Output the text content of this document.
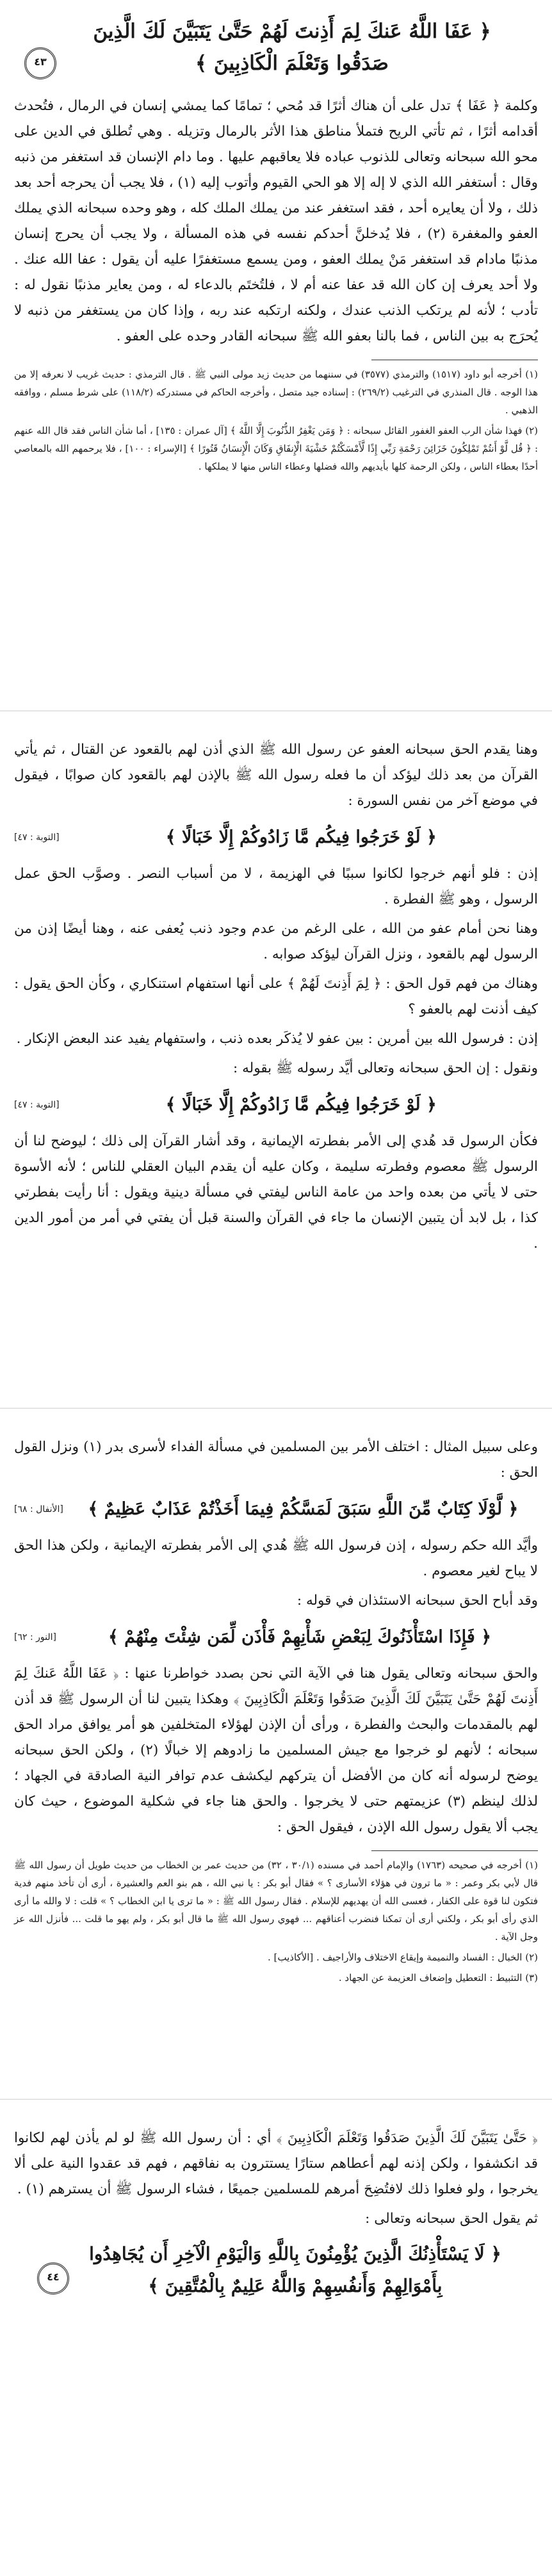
﴿ عَفَا اللَّهُ عَنكَ لِمَ أَذِنتَ لَهُمْ حَتَّىٰ يَتَبَيَّنَ لَكَ الَّذِينَ صَدَقُوا وَتَعْلَمَ الْكَاذِبِينَ ﴾
٤٣

وكلمة ﴿ عَفَا ﴾ تدل على أن هناك أثرًا قد مُحي ؛ تمامًا كما يمشي إنسان في الرمال ، فتُحدث أقدامه أثرًا ، ثم تأتي الريح فتملأ مناطق هذا الأثر بالرمال وتزيله . وهي تُطلق في الدين على محو الله سبحانه وتعالى للذنوب عباده فلا يعاقبهم عليها . وما دام الإنسان قد استغفر من ذنبه وقال : أستغفر الله الذي لا إله إلا هو الحي القيوم وأتوب إليه (١) ، فلا يجب أن يحرجه أحد بعد ذلك ، ولا أن يعايره أحد ، فقد استغفر عند من يملك الملك كله ، وهو وحده سبحانه الذي يملك العفو والمغفرة (٢) ، فلا يُدخلنَّ أحدكم نفسه في هذه المسألة ، ولا يجب أن يحرج إنسان مذنبًا مادام قد استغفر مَنْ يملك العفو ، ومن يسمع مستغفرًا عليه أن يقول : عفا الله عنك . ولا أحد يعرف إن كان الله قد عفا عنه أم لا ، فلتُختَم بالدعاء له ، ومن يعاير مذنبًا نقول له : تأدب ؛ لأنه لم يرتكب الذنب عندك ، ولكنه ارتكبه عند ربه ، وإذا كان من يستغفر من ذنبه لا يُحرَج به بين الناس ، فما بالنا بعفو الله ﷺ سبحانه القادر وحده على العفو .

(١) أخرجه أبو داود (١٥١٧) والترمذي (٣٥٧٧) في سننهما من حديث زيد مولى النبي ﷺ . قال الترمذي : حديث غريب لا نعرفه إلا من هذا الوجه . قال المنذري في الترغيب (٢٦٩/٢) : إسناده جيد متصل ، وأخرجه الحاكم في مستدركه (١١٨/٢) على شرط مسلم ، ووافقه الذهبي .

(٢) فهذا شأن الرب العفو الغفور القائل سبحانه : ﴿ وَمَن يَغْفِرُ الذُّنُوبَ إِلَّا اللَّهُ ﴾ [آل عمران : ١٣٥] ، أما شأن الناس فقد قال الله عنهم : ﴿ قُل لَّوْ أَنتُمْ تَمْلِكُونَ خَزَائِنَ رَحْمَةِ رَبِّي إِذًا لَّأَمْسَكْتُمْ خَشْيَةَ الْإِنفَاقِ وَكَانَ الْإِنسَانُ قَتُورًا ﴾ [الإسراء : ١٠٠] ، فلا يرحمهم الله بالمعاصي أحدًا بعطاء الناس ، ولكن الرحمة كلها بأيديهم والله فضلها وعطاء الناس منها لا يملكها .

وهنا يقدم الحق سبحانه العفو عن رسول الله ﷺ الذي أذن لهم بالقعود عن القتال ، ثم يأتي القرآن من بعد ذلك ليؤكد أن ما فعله رسول الله ﷺ بالإذن لهم بالقعود كان صوابًا ، فيقول في موضع آخر من نفس السورة :

﴿ لَوْ خَرَجُوا فِيكُم مَّا زَادُوكُمْ إِلَّا خَبَالًا ﴾
[التوبة : ٤٧]

إذن : فلو أنهم خرجوا لكانوا سببًا في الهزيمة ، لا من أسباب النصر . وصوَّب الحق عمل الرسول ، وهو ﷺ الفطرة .

وهنا نحن أمام عفو من الله ، على الرغم من عدم وجود ذنب يُعفى عنه ، وهنا أيضًا إذن من الرسول لهم بالقعود ، ونزل القرآن ليؤكد صوابه .

وهناك من فهم قول الحق : ﴿ لِمَ أَذِنتَ لَهُمْ ﴾ على أنها استفهام استنكاري ، وكأن الحق يقول : كيف أذنت لهم بالعفو ؟

إذن : فرسول الله بين أمرين : بين عفو لا يُذكَر بعده ذنب ، واستفهام يفيد عند البعض الإنكار .

ونقول : إن الحق سبحانه وتعالى أيَّد رسوله ﷺ بقوله :

﴿ لَوْ خَرَجُوا فِيكُم مَّا زَادُوكُمْ إِلَّا خَبَالًا ﴾
[التوبة : ٤٧]

فكأن الرسول قد هُدي إلى الأمر بفطرته الإيمانية ، وقد أشار القرآن إلى ذلك ؛ ليوضح لنا أن الرسول ﷺ معصوم وفطرته سليمة ، وكان عليه أن يقدم البيان العقلي للناس ؛ لأنه الأسوة حتى لا يأتي من بعده واحد من عامة الناس ليفتي في مسألة دينية ويقول : أنا رأيت بفطرتي كذا ، بل لابد أن يتبين الإنسان ما جاء في القرآن والسنة قبل أن يفتي في أمر من أمور الدين .

وعلى سبيل المثال : اختلف الأمر بين المسلمين في مسألة الفداء لأسرى بدر (١) ونزل القول الحق :

﴿ لَّوْلَا كِتَابٌ مِّنَ اللَّهِ سَبَقَ لَمَسَّكُمْ فِيمَا أَخَذْتُمْ عَذَابٌ عَظِيمٌ ﴾
[الأنفال : ٦٨]

وأيَّد الله حكم رسوله ، إذن فرسول الله ﷺ هُدي إلى الأمر بفطرته الإيمانية ، ولكن هذا الحق لا يباح لغير معصوم .

وقد أباح الحق سبحانه الاستئذان في قوله :

﴿ فَإِذَا اسْتَأْذَنُوكَ لِبَعْضِ شَأْنِهِمْ فَأْذَن لِّمَن شِئْتَ مِنْهُمْ ﴾
[النور : ٦٢]

والحق سبحانه وتعالى يقول هنا في الآية التي نحن بصدد خواطرنا عنها : ﴿ عَفَا اللَّهُ عَنكَ لِمَ أَذِنتَ لَهُمْ حَتَّىٰ يَتَبَيَّنَ لَكَ الَّذِينَ صَدَقُوا وَتَعْلَمَ الْكَاذِبِينَ ﴾ وهكذا يتبين لنا أن الرسول ﷺ قد أذن لهم بالمقدمات والبحث والفطرة ، ورأى أن الإذن لهؤلاء المتخلفين هو أمر يوافق مراد الحق سبحانه ؛ لأنهم لو خرجوا مع جيش المسلمين ما زادوهم إلا خبالًا (٢) ، ولكن الحق سبحانه يوضح لرسوله أنه كان من الأفضل أن يتركهم ليكشف عدم توافر النية الصادقة في الجهاد ؛ لذلك لينظم (٣) عزيمتهم حتى لا يخرجوا . والحق هنا جاء في شكلية الموضوع ، حيث كان يجب ألا يقول رسول الله الإذن ، فيقول الحق :

(١) أخرجه في صحيحه (١٧٦٣) والإمام أحمد في مسنده (٣٠/١ ، ٣٢) من حديث عمر بن الخطاب من حديث طويل أن رسول الله ﷺ قال لأبي بكر وعمر : « ما ترون في هؤلاء الأسارى ؟ » فقال أبو بكر : يا نبي الله ، هم بنو العم والعشيرة ، أرى أن تأخذ منهم فدية فتكون لنا قوة على الكفار ، فعسى الله أن يهديهم للإسلام . فقال رسول الله ﷺ : « ما ترى يا ابن الخطاب ؟ » قلت : لا والله ما أرى الذي رأى أبو بكر ، ولكني أرى أن تمكنا فنضرب أعناقهم ... فهوي رسول الله ﷺ ما قال أبو بكر ، ولم يهو ما قلت ... فأنزل الله عز وجل الآية .

(٢) الخبال : الفساد والنميمة وإيقاع الاختلاف والأراجيف . [الأكاذيب] .

(٣) التثبيط : التعطيل وإضعاف العزيمة عن الجهاد .

﴿ حَتَّىٰ يَتَبَيَّنَ لَكَ الَّذِينَ صَدَقُوا وَتَعْلَمَ الْكَاذِبِينَ ﴾ أي : أن رسول الله ﷺ لو لم يأذن لهم لكانوا قد انكشفوا ، ولكن إذنه لهم أعطاهم ستارًا يستترون به نفاقهم ، فهم قد عقدوا النية على ألا يخرجوا ، ولو فعلوا ذلك لافتُضِحَ أمرهم للمسلمين جميعًا ، فشاء الرسول ﷺ أن يسترهم (١) .

ثم يقول الحق سبحانه وتعالى :

﴿ لَا يَسْتَأْذِنُكَ الَّذِينَ يُؤْمِنُونَ بِاللَّهِ وَالْيَوْمِ الْآخِرِ أَن يُجَاهِدُوا بِأَمْوَالِهِمْ وَأَنفُسِهِمْ وَاللَّهُ عَلِيمٌ بِالْمُتَّقِينَ ﴾
٤٤
